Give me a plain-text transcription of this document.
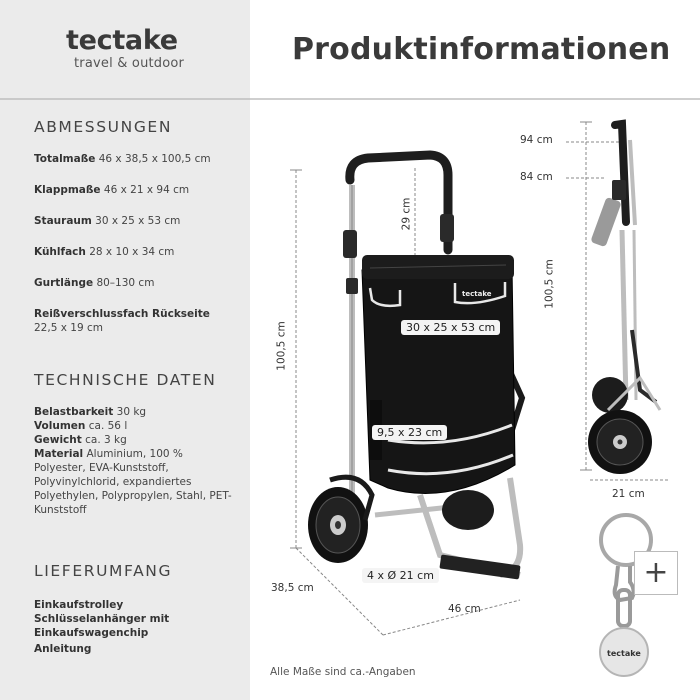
tectake
travel & outdoor
ABMESSUNGEN
Totalmaße 46 x 38,5 x 100,5 cm
Klappmaße 46 x 21 x 94 cm
Stauraum 30 x 25 x 53 cm
Kühlfach 28 x 10 x 34 cm
Gurtlänge 80–130 cm
Reißverschlussfach Rückseite
22,5 x 19 cm
TECHNISCHE DATEN
Belastbarkeit 30 kg
Volumen ca. 56 l
Gewicht ca. 3 kg
Material Aluminium, 100 % Polyester, EVA-Kunststoff, Polyvinylchlorid, expandiertes Polyethylen, Polypropylen, Stahl, PET-Kunststoff
LIEFERUMFANG
Einkaufstrolley
Schlüsselanhänger mit Einkaufswagenchip
Anleitung
Produktinformationen
tectake
tectake
100,5 cm
29 cm
30 x 25 x 53 cm
9,5 x 23 cm
4 x Ø 21 cm
38,5 cm
46 cm
94 cm
84 cm
100,5 cm
21 cm
+
Alle Maße sind ca.-Angaben
